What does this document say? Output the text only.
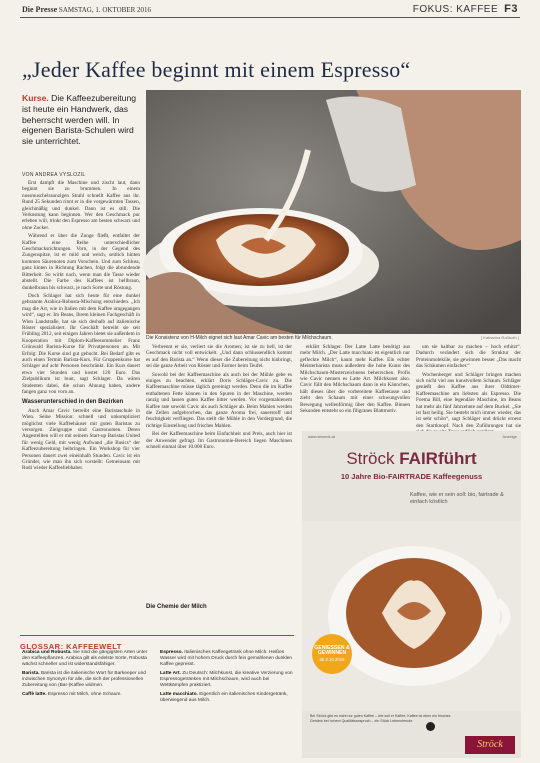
Die Presse SAMSTAG, 1. OKTOBER 2016	FOKUS: KAFFEE F3
„Jeder Kaffee beginnt mit einem Espresso“
Kurse. Die Kaffeezubereitung ist heute ein Handwerk, das beherrscht werden will. In eigenen Barista-Schulen wird sie unterrichtet.
VON ANDREA VYSLOZIL
Die Konsistenz von H-Milch eignet sich laut Amar Cavic am besten für Milchschaum.	[ Katharina Roßboth ]

Erst dampft die Maschine und zischt laut, dann beginnt sie zu brummen. In einem nussmuschelraunzigen Strahl schnellt Kaffee aus ihr. Rund 25 Sekunden rinnt er in die vorgewärmten Tassen, gleichmäßig und dunkel. Dann ist es still. Die Verkostung kann beginnen. Wer den Geschmack pur erleben will, trinkt den Espresso am besten schwarz und ohne Zucker.

Während er über die Zunge fließt, entfaltet der Kaffee eine Reihe unterschiedlicher Geschmacksrichtungen. Vorn, in der Gegend des Zungenspitze, ist er mild und weich, seitlich hinten kommen Säurenoten zum Vorschein. Und zum Schluss, ganz hinten in Richtung Rachen, folgt die abrundende Bitterkeit. So wirkt nach, wenn man die Tasse wieder abstellt. Die Farbe des Kaffees ist hellbraun, dunkelbraun bis schwarz, je nach Sorte und Röstung.

Doch Schlager hat sich heute für eine dunkel gebrannte Arabica-Robusta-Mischung entschieden. „Ich mag die Art, wie in Italien mit dem Kaffee umgegangen wird“, sagt er. Im Beans, Ihrem kleinen Fachgeschäft in Wien Landstraße, hat sie sich deshalb auf italienische Röster spezialisiert. Ihr Geschäft betreibt sie seit Frühling 2012, seit einigen Jahren bietet sie außerdem in Kooperation mit Diplom-Kaffeesommelier Franz Grünwald Barista-Kurse für Privatpersonen an. Mit Erfolg: Die Kurse sind gut gebucht. Bei Bedarf gibt es auch einen Termin Barista-Kurs. Für Gruppenkurse hat Schlager auf acht Personen beschränkt. Ein Kurs dauert etwa vier Stunden und kostet 120 Euro. Das Zielpublikum ist bunt, sagt Schlager. Da wären Studenten dabei, die schon Ahnung haben, andere fangen ganz von vorn an.

Wasserunterschied in den Bezirken

Auch Amar Cavic betreibt eine Baristaschule in Wien. Seine Mission: schnell und unkompliziert möglichst viele Kaffeehäuser mit guten Baristas zu versorgen. Zielgruppe sind Gastronomen. Deren Angestellten will er mit seinem Start-up Baristas United für wenig Geld, mit wenig Aufwand „die Basics“ der Kaffeezubereitung beibringen. Ein Workshop für vier Personen dauert zwei eineinhalb Stunden. Cavic ist ein Gründer, wie man ihn sich vorstellt: Gemeinsam mit Rudi wieder Kaffeeliebhaber.

Verbrennt er sie, verliert sie die Aromen; ist sie zu hell, ist der Geschmack nicht voll entwickelt. „Und dann schlussendlich kommt es auf den Barista an.“ Wenn dieser die Zubereitung nicht hinbringt, sei die ganze Arbeit von Röster und Farmer beim Teufel.

Sowohl bei der Kaffeemaschine als auch bei der Mühle gebe es einiges zu beachten, erklärt Doris Schläger-Cavic zu. Die Kaffeemaschine müsse täglich gereinigt werden. Denn die im Kaffee enthaltenen Fette können in den Spuren in der Maschine, werden ranzig und lassen guten Kaffee bitter werden. Vor vorgemahlenem Kaffee rate sowohl Cavic als auch Schläger ab. Beim Mahlen werden die Zellen aufgebrochen, das ganze Aroma frei, sauerstoff und feuchtigkeit verfliegen. Das stellt die Mühle in den Vordergrund, die richtige Einstellung und frisches Mahlen.

Bei der Kaffeemaschine beim Einfachheit und Preis, auch hier ist der Anwender gefragt. Im Gastronomie-Bereich liegen Maschinen schnell einmal über 10.000 Euro.

erklärt Schlager. Der Latte Latte benötigt aus mehr Milch. „Der Latte macchiato ist eigentlich nur gefleckte Milch“, kaum mehr Kaffee. Ein echter Meisterbarista muss außerdem die hohe Kunst des Milchschaum-Musterzeichnens beherrschen. Profis wie Cavic nennen es Latte Art. Milchkunst also. Cavic füllt den Milchschaum dann in ein Kännchen, hält dieses über die vorbereitete Kaffeetasse und zieht den Schaum mit einer schwungvollen Bewegung wellenförmig über den Kaffee. Binnen Sekunden entsteht so ein filigranes Blattmotiv.

um sie haltbar zu machen – hoch erhitzt“. Dadurch verändert sich die Struktur der Proteinmoleküle, sie gewinnen besser „Das macht das Schäumen einfacher.“

Wochenberger und Schläger bringen machen sich nicht viel aus kunstvollem Schaum. Schläger genießt den Kaffee aus ihrer Oldtimer-Kaffeemaschine am liebsten als Espresso. Die Foema Bill, eine legendäre Maschine, im Beans hat mehr als fünf Jahrzehnte auf dem Buckel. „Sie ist fast heilig. Sie besteht mich immer wieder, das ist sehr schön“, sagt Schläger und drückt erneut den Startknopf. Nach den Zuführungen hat sie

Die Chemie der Milch
GLOSSAR: KAFFEEWELT
Arabica und Robusta. Sie sind die gängigsten Arten unter den Kaffeepflanzen. Arabica gilt als edelste Sorte, Robusta wächst schneller und ist widerstandsfähiger.
Barista. Barista ist die italienische Wort für Barkeeper und inzwischen Synonym für alle, die sich der professionellen Zubereitung von (Bar-)Kaffee widmen.
Caffè latte. Espresso mit Milch, ohne Schaum.
Espresso. Italienisches Kaffeegetränk ohne Milch. Heißes Wasser wird mit hohem Druck durch fein gemahlenen dunklen Kaffee gepresst.
Latte Art. Zu Deutsch: Milchkunst, die kreative Verzierung von Espressogetränken mit Milchschaum, wird auch bei Wettkämpfen praktiziert.
Latte macchiato. Eigentlich ein italienisches Kindergetränk, überwiegend aus Milch.
www.stroeck.at	Anzeige
Ströck FAIRführt
10 Jahre Bio-FAIRTRADE Kaffeegenuss
Kaffee, wie er sein soll: bio, fairtrade & einfach köstlich
GENIESSEN & GEWINNEN
ab 3.10.2016
Bei Ströck gibt es nicht nur guten Kaffee – wie soll er Kaffee, Kaffee ist eben ein frisches Getränk bei hohem Qualitätsanspruch – ein Stück Lebensfreude.
Ströck
